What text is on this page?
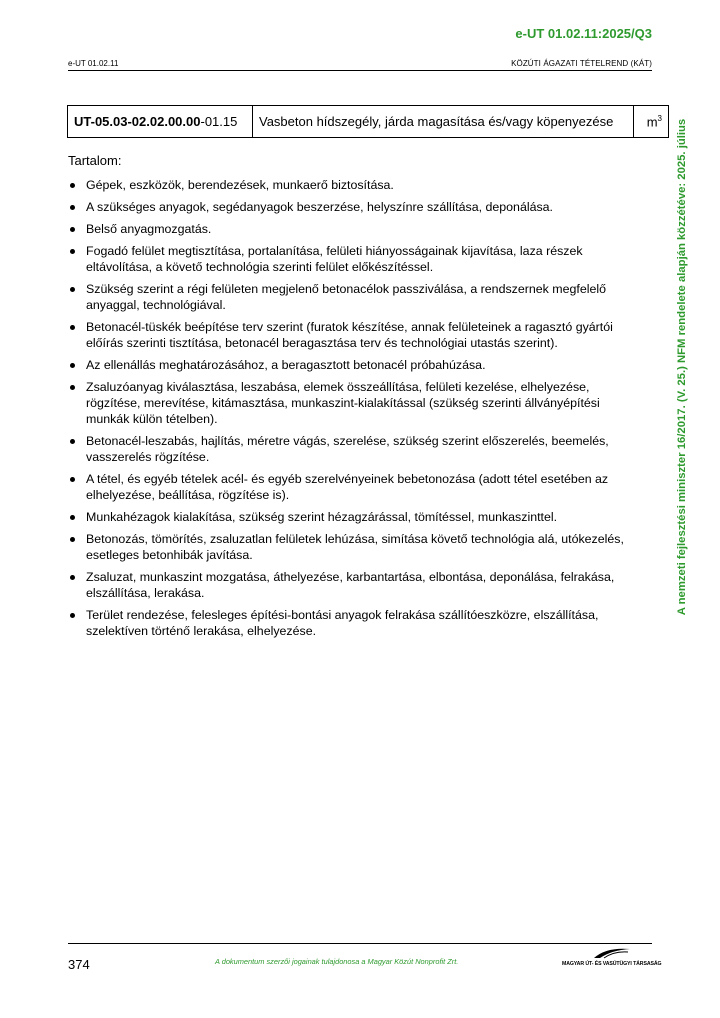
e-UT 01.02.11:2025/Q3
e-UT 01.02.11	KÖZÚTI ÁGAZATI TÉTELREND (KÁT)
UT-05.03-02.02.00.00-01.15	Vasbeton hídszegély, járda magasítása és/vagy köpenyezése	$m^3$
Tartalom:
Gépek, eszközök, berendezések, munkaerő biztosítása.
A szükséges anyagok, segédanyagok beszerzése, helyszínre szállítása, deponálása.
Belső anyagmozgatás.
Fogadó felület megtisztítása, portalanítása, felületi hiányosságainak kijavítása, laza részek eltávolítása, a követő technológia szerinti felület előkészítéssel.
Szükség szerint a régi felületen megjelenő betonacélok passziválása, a rendszernek megfelelő anyaggal, technológiával.
Betonacél-tüskék beépítése terv szerint (furatok készítése, annak felületeinek a ragasztó gyártói előírás szerinti tisztítása, betonacél beragasztása terv és technológiai utastás szerint).
Az ellenállás meghatározásához, a beragasztott betonacél próbahúzása.
Zsaluzóanyag kiválasztása, leszabása, elemek összeállítása, felületi kezelése, elhelyezése, rögzítése, merevítése, kitámasztása, munkaszint-kialakítással (szükség szerinti állványépítési munkák külön tételben).
Betonacél-leszabás, hajlítás, méretre vágás, szerelése, szükség szerint előszerelés, beemelés, vasszerelés rögzítése.
A tétel, és egyéb tételek acél- és egyéb szerelvényeinek bebetonozása (adott tétel esetében az elhelyezése, beállítása, rögzítése is).
Munkahézagok kialakítása, szükség szerint hézagzárással, tömítéssel, munkaszinttel.
Betonozás, tömörítés, zsaluzatlan felületek lehúzása, simítása követő technológia alá, utókezelés, esetleges betonhibák javítása.
Zsaluzat, munkaszint mozgatása, áthelyezése, karbantartása, elbontása, deponálása, felrakása, elszállítása, lerakása.
Terület rendezése, felesleges építési-bontási anyagok felrakása szállítóeszközre, elszállítása, szelektíven történő lerakása, elhelyezése.
A nemzeti fejlesztési miniszter 16/2017. (V. 25.) NFM rendelete alapján közzétéve: 2025. július
374	A dokumentum szerzői jogainak tulajdonosa a Magyar Közút Nonprofit Zrt.	MAGYAR ÚT- ÉS VASÚTÜGYI TÁRSASÁG
